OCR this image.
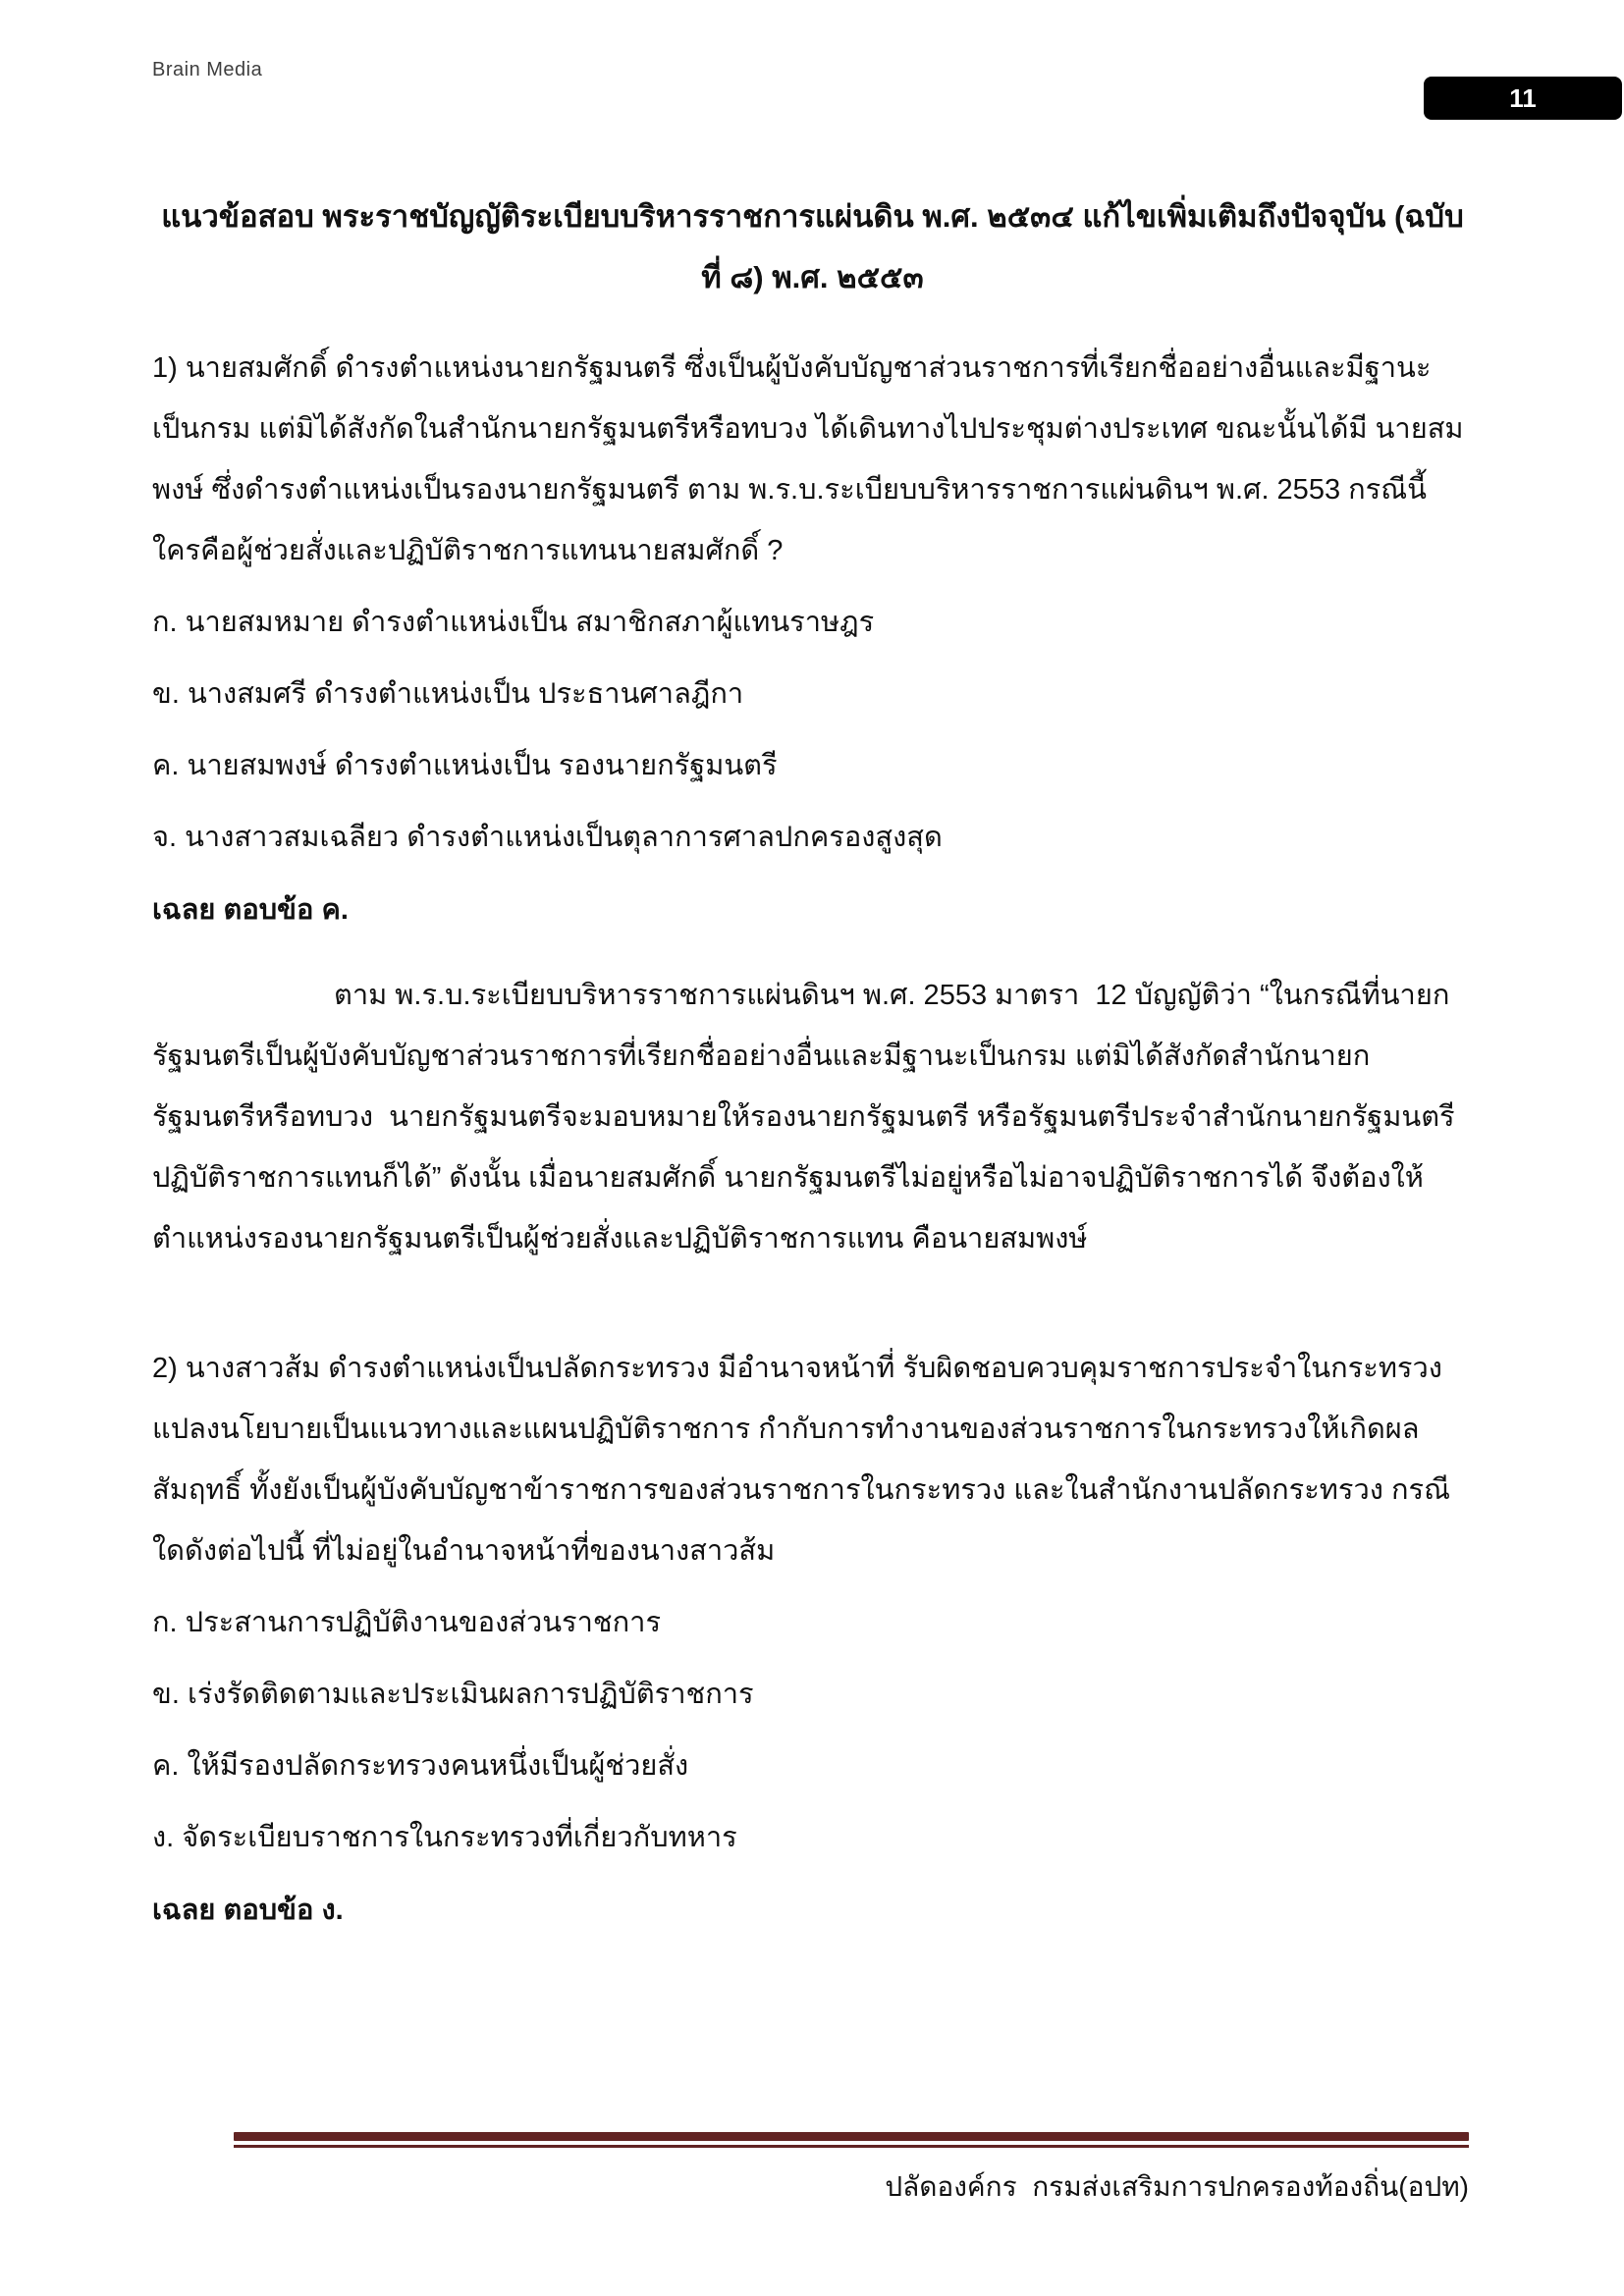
Brain Media
11
แนวข้อสอบ พระราชบัญญัติระเบียบบริหารราชการแผ่นดิน พ.ศ. ๒๕๓๔ แก้ไขเพิ่มเติมถึงปัจจุบัน (ฉบับ
ที่ ๘) พ.ศ. ๒๕๕๓

1) นายสมศักดิ์ ดำรงตำแหน่งนายกรัฐมนตรี ซึ่งเป็นผู้บังคับบัญชาส่วนราชการที่เรียกชื่ออย่างอื่นและมีฐานะเป็นกรม แต่มิได้สังกัดในสำนักนายกรัฐมนตรีหรือทบวง ได้เดินทางไปประชุมต่างประเทศ ขณะนั้นได้มี นายสมพงษ์ ซึ่งดำรงตำแหน่งเป็นรองนายกรัฐมนตรี ตาม พ.ร.บ.ระเบียบบริหารราชการแผ่นดินฯ พ.ศ. 2553 กรณีนี้ ใครคือผู้ช่วยสั่งและปฏิบัติราชการแทนนายสมศักดิ์ ?

ก. นายสมหมาย ดำรงตำแหน่งเป็น สมาชิกสภาผู้แทนราษฎร
ข. นางสมศรี ดำรงตำแหน่งเป็น ประธานศาลฎีกา
ค. นายสมพงษ์ ดำรงตำแหน่งเป็น รองนายกรัฐมนตรี
จ. นางสาวสมเฉลียว ดำรงตำแหน่งเป็นตุลาการศาลปกครองสูงสุด
เฉลย ตอบข้อ ค.

ตาม พ.ร.บ.ระเบียบบริหารราชการแผ่นดินฯ พ.ศ. 2553 มาตรา  12 บัญญัติว่า “ในกรณีที่นายกรัฐมนตรีเป็นผู้บังคับบัญชาส่วนราชการที่เรียกชื่ออย่างอื่นและมีฐานะเป็นกรม แต่มิได้สังกัดสำนักนายกรัฐมนตรีหรือทบวง  นายกรัฐมนตรีจะมอบหมายให้รองนายกรัฐมนตรี หรือรัฐมนตรีประจำสำนักนายกรัฐมนตรีปฏิบัติราชการแทนก็ได้” ดังนั้น เมื่อนายสมศักดิ์ นายกรัฐมนตรีไม่อยู่หรือไม่อาจปฏิบัติราชการได้ จึงต้องให้ตำแหน่งรองนายกรัฐมนตรีเป็นผู้ช่วยสั่งและปฏิบัติราชการแทน คือนายสมพงษ์

2) นางสาวส้ม ดำรงตำแหน่งเป็นปลัดกระทรวง มีอำนาจหน้าที่ รับผิดชอบควบคุมราชการประจำในกระทรวง แปลงนโยบายเป็นแนวทางและแผนปฏิบัติราชการ กำกับการทำงานของส่วนราชการในกระทรวงให้เกิดผลสัมฤทธิ์ ทั้งยังเป็นผู้บังคับบัญชาข้าราชการของส่วนราชการในกระทรวง และในสำนักงานปลัดกระทรวง กรณีใดดังต่อไปนี้ ที่ไม่อยู่ในอำนาจหน้าที่ของนางสาวส้ม

ก. ประสานการปฏิบัติงานของส่วนราชการ
ข. เร่งรัดติดตามและประเมินผลการปฏิบัติราชการ
ค. ให้มีรองปลัดกระทรวงคนหนึ่งเป็นผู้ช่วยสั่ง
ง. จัดระเบียบราชการในกระทรวงที่เกี่ยวกับทหาร
เฉลย ตอบข้อ ง.
ปลัดองค์กร  กรมส่งเสริมการปกครองท้องถิ่น(อปท)
